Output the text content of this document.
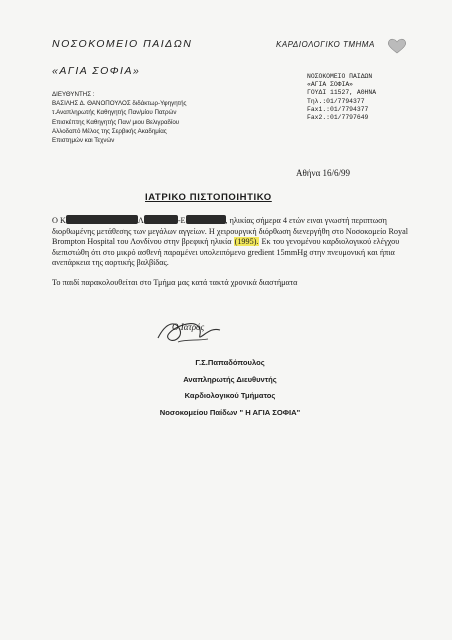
ΝΟΣΟΚΟΜΕΙΟ ΠΑΙΔΩΝ
«ΑΓΙΑ ΣΟΦΙΑ»
ΚΑΡΔΙΟΛΟΓΙΚΟ ΤΜΗΜΑ
ΔΙΕΥΘΥΝΤΗΣ :
ΒΑΣΙΛΗΣ Δ. ΘΑΝΟΠΟΥΛΟΣ διδάκτωρ-Υφηγητής
τ.Αναπληρωτής Καθηγητής Παν/μίου Πατρών
Επισκέπτης Καθηγητής Παν/ μιου Βελιγραδίου
Αλλοδαπό Μέλος της Σερβικής Ακαδημίας
Επιστημών και Τεχνών
ΝΟΣΟΚΟΜΕΙΟ ΠΑΙΔΩΝ
«ΑΓΙΑ ΣΟΦΙΑ»
ΓΟΥΔΙ 11527, ΑΘΗΝΑ
Τηλ.:01/7794377
Fax1.:01/7794377
Fax2.:01/7797649
Αθήνα 16/6/99
ΙΑΤΡΙΚΟ ΠΙΣΤΟΠΟΙΗΤΙΚΟ

Ο Κ	Λ	-Ε	, ηλικίας σήμερα 4 ετών ειναι γνωστή περιπτωση διορθωμένης μετάθεσης των μεγάλων αγγείων. Η χειρουργική διόρθωση διενεργήθη στο Νοσοκομείο Royal Brompton Hospital του Λονδίνου στην βρεφική ηλικία (1995). Εκ του γενομένου καρδιολογικού ελέγχου διεπιστώθη ότι στο μικρό ασθενή παραμένει υπολειπόμενο gredient 15mmHg στην πνευμονική και ήπια ανεπάρκεια της αορτικής βαλβίδας.

Το παιδί παρακολουθείται στο Τμήμα μας κατά τακτά χρονικά διαστήματα

Ο Ιατρός
Γ.Σ.Παπαδόπουλος
Αναπληρωτής Διευθυντής
Καρδιολογικού Τμήματος
Νοσοκομείου Παίδων " Η ΑΓΙΑ ΣΟΦΙΑ"
